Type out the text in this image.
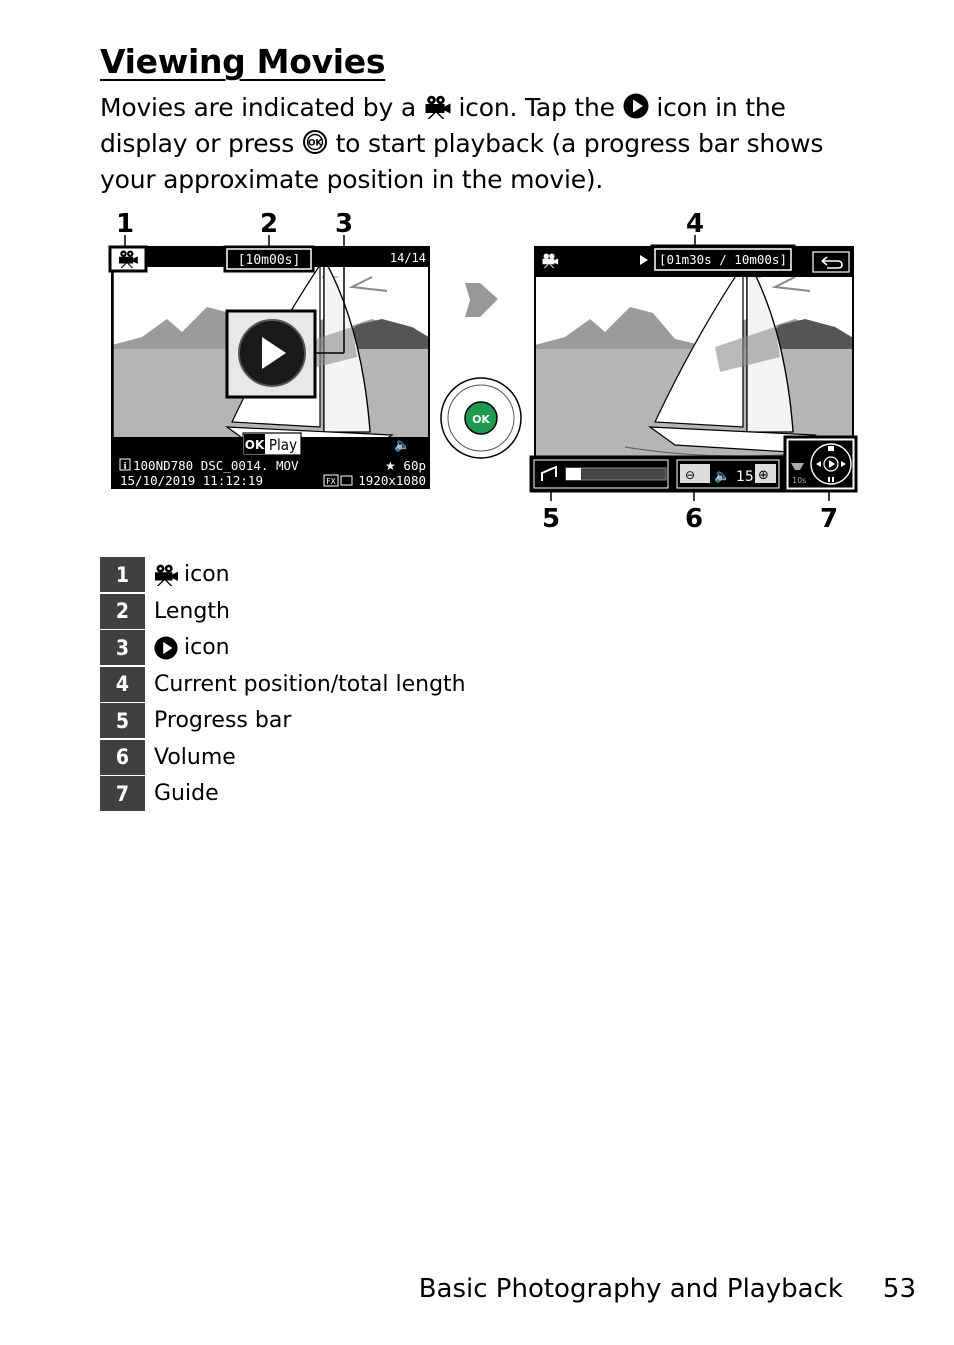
Viewing Movies
Movies are indicated by a icon. Tap the icon in the display or press to start playback (a progress bar shows your approximate position in the movie).
[10m00s]	14/14
OK Play	🔈
i 100ND780 DSC_0014. MOV	★ 60p
15/10/2019 11:12:19	FX 1920x1080
1	2 3
OK
[01m30s / 10m00s]
⊖ 🔈 15 ⊕	10s
4
5	6	7
1	icon
2	Length
3	icon
4	Current position/total length
5	Progress bar
6	Volume
7	Guide
Basic Photography and Playback 53
